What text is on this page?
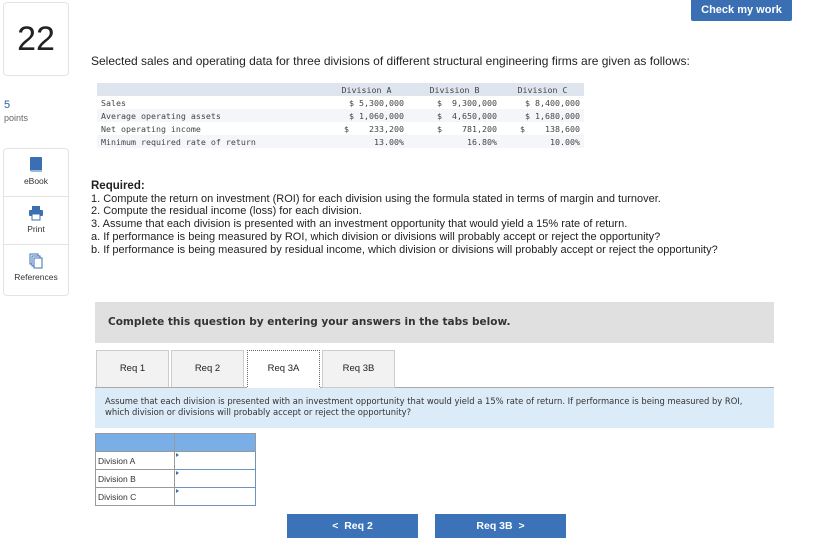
22
5
points
eBook
Print
References
Check my work
Selected sales and operating data for three divisions of different structural engineering firms are given as follows:
	Division A	Division B	Division C
Sales	$ 5,300,000	$  9,300,000	$ 8,400,000
Average operating assets	$ 1,060,000	$  4,650,000	$ 1,680,000
Net operating income	$    233,200	$    781,200	$    138,600
Minimum required rate of return	13.00%	16.80%	10.00%
Required:
1. Compute the return on investment (ROI) for each division using the formula stated in terms of margin and turnover.
2. Compute the residual income (loss) for each division.
3. Assume that each division is presented with an investment opportunity that would yield a 15% rate of return.
a. If performance is being measured by ROI, which division or divisions will probably accept or reject the opportunity?
b. If performance is being measured by residual income, which division or divisions will probably accept or reject the opportunity?
Complete this question by entering your answers in the tabs below.
Req 1	Req 2	Req 3A	Req 3B
Assume that each division is presented with an investment opportunity that would yield a 15% rate of return. If performance is being measured by ROI, which division or divisions will probably accept or reject the opportunity?

Division A	

Division B	

Division C	
<  Req 2	Req 3B  >
